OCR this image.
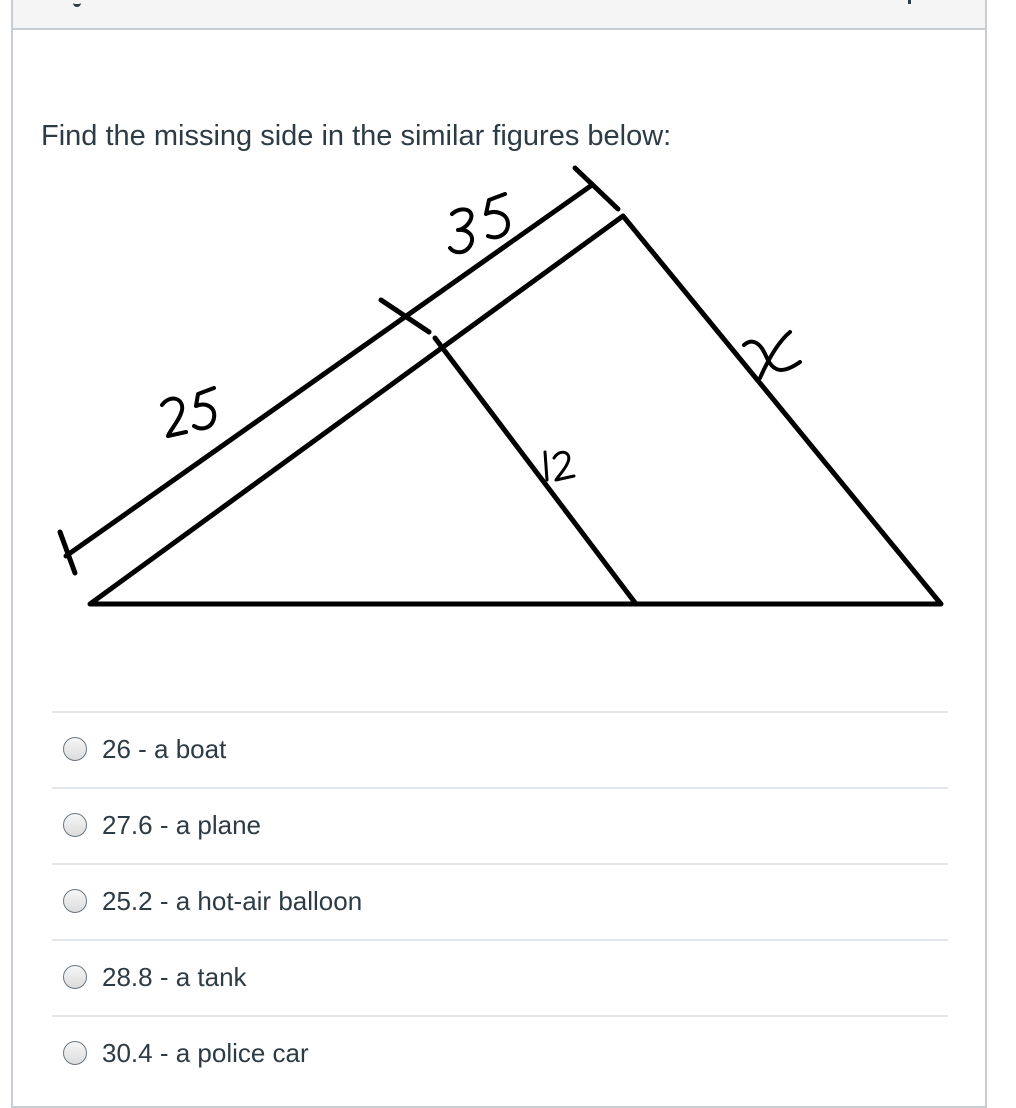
Find the missing side in the similar figures below:

35
25
12
x
26 - a boat
27.6 - a plane
25.2 - a hot-air balloon
28.8 - a tank
30.4 - a police car
